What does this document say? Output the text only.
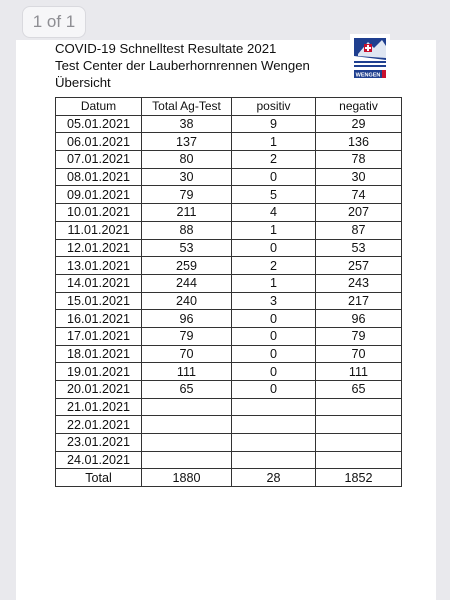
1 of 1
COVID-19 Schnelltest Resultate 2021
Test Center der Lauberhornrennen Wengen
Übersicht	WENGEN
Datum	Total Ag-Test	positiv	negativ
05.01.2021	38	9	29
06.01.2021	137	1	136
07.01.2021	80	2	78
08.01.2021	30	0	30
09.01.2021	79	5	74
10.01.2021	211	4	207
11.01.2021	88	1	87
12.01.2021	53	0	53
13.01.2021	259	2	257
14.01.2021	244	1	243
15.01.2021	240	3	217
16.01.2021	96	0	96
17.01.2021	79	0	79
18.01.2021	70	0	70
19.01.2021	111	0	111
20.01.2021	65	0	65
21.01.2021			
22.01.2021			
23.01.2021			
24.01.2021			
Total	1880	28	1852
